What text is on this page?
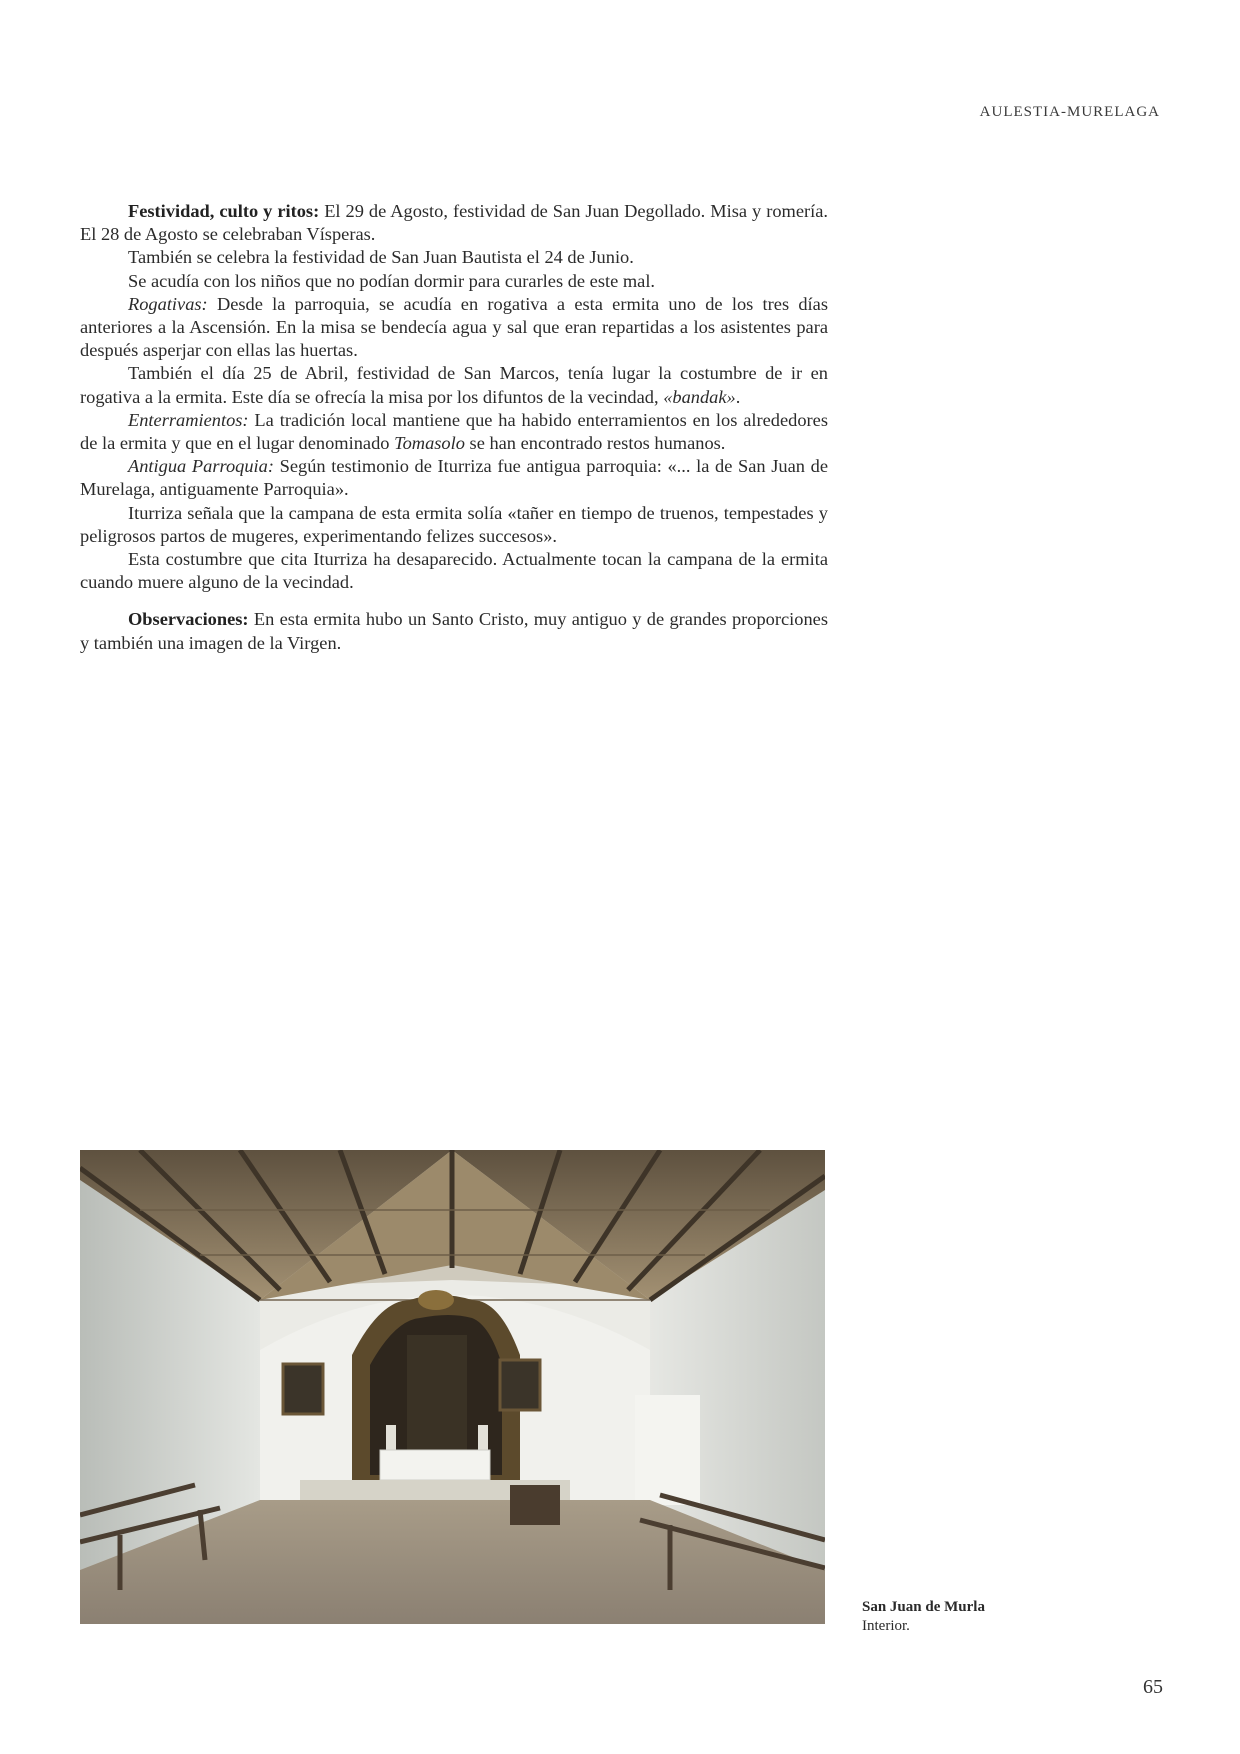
AULESTIA-MURELAGA

Festividad, culto y ritos: El 29 de Agosto, festividad de San Juan Degollado. Misa y romería. El 28 de Agosto se celebraban Vísperas.

También se celebra la festividad de San Juan Bautista el 24 de Junio.

Se acudía con los niños que no podían dormir para curarles de este mal.

Rogativas: Desde la parroquia, se acudía en rogativa a esta ermita uno de los tres días anteriores a la Ascensión. En la misa se bendecía agua y sal que eran repartidas a los asistentes para después asperjar con ellas las huertas.

También el día 25 de Abril, festividad de San Marcos, tenía lugar la costumbre de ir en rogativa a la ermita. Este día se ofrecía la misa por los difuntos de la vecindad, «bandak».

Enterramientos: La tradición local mantiene que ha habido enterramientos en los alrededores de la ermita y que en el lugar denominado Tomasolo se han encontrado restos humanos.

Antigua Parroquia: Según testimonio de Iturriza fue antigua parroquia: «... la de San Juan de Murelaga, antiguamente Parroquia».

Iturriza señala que la campana de esta ermita solía «tañer en tiempo de truenos, tempestades y peligrosos partos de mugeres, experimentando felizes succesos».

Esta costumbre que cita Iturriza ha desaparecido. Actualmente tocan la campana de la ermita cuando muere alguno de la vecindad.

Observaciones: En esta ermita hubo un Santo Cristo, muy antiguo y de grandes proporciones y también una imagen de la Virgen.

San Juan de Murla
Interior.
65
